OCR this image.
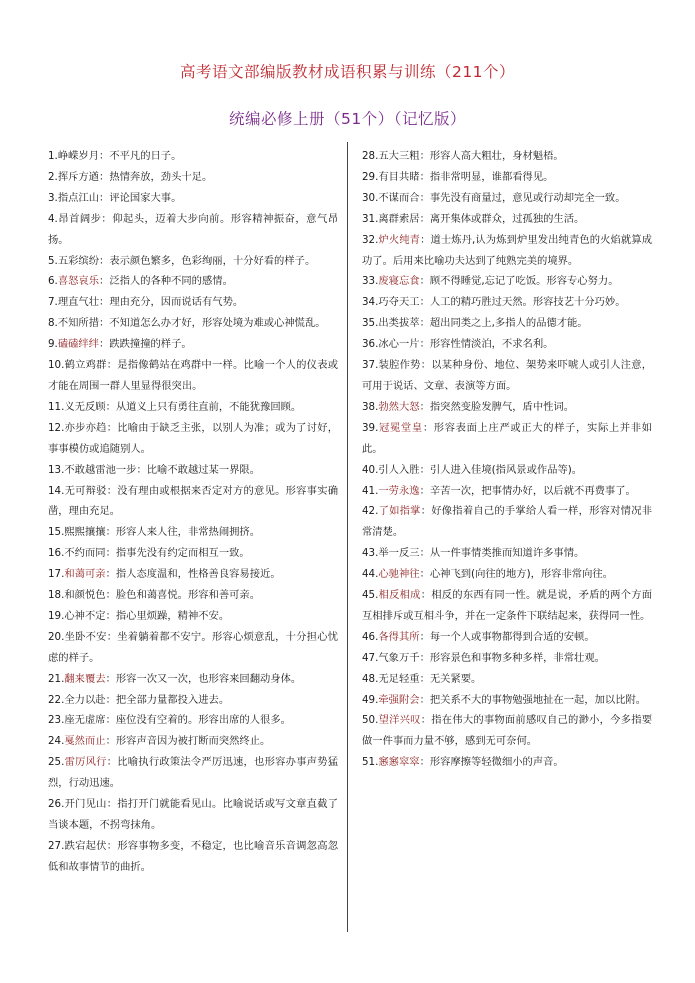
高考语文部编版教材成语积累与训练（211个）
统编必修上册（51个）（记忆版）

1.峥嵘岁月：不平凡的日子。

2.挥斥方遒：热情奔放，劲头十足。

3.指点江山：评论国家大事。

4.昂首阔步：仰起头，迈着大步向前。形容精神振奋，意气昂扬。

5.五彩缤纷：表示颜色繁多，色彩绚丽，十分好看的样子。

6.喜怒哀乐：泛指人的各种不同的感情。

7.理直气壮：理由充分，因而说话有气势。

8.不知所措：不知道怎么办才好，形容处境为难或心神慌乱。

9.磕磕绊绊：跌跌撞撞的样子。

10.鹤立鸡群：是指像鹤站在鸡群中一样。比喻一个人的仪表或才能在周围一群人里显得很突出。

11.义无反顾：从道义上只有勇往直前，不能犹豫回顾。

12.亦步亦趋：比喻由于缺乏主张，以别人为准；或为了讨好，事事模仿或追随别人。

13.不敢越雷池一步：比喻不敢越过某一界限。

14.无可辩驳：没有理由或根据来否定对方的意见。形容事实确凿，理由充足。

15.熙熙攘攘：形容人来人往，非常热闹拥挤。

16.不约而同：指事先没有约定而相互一致。

17.和蔼可亲：指人态度温和，性格善良容易接近。

18.和颜悦色：脸色和蔼喜悦。形容和善可亲。

19.心神不定：指心里烦躁，精神不安。

20.坐卧不安：坐着躺着都不安宁。形容心烦意乱，十分担心忧虑的样子。

21.翻来覆去：形容一次又一次，也形容来回翻动身体。

22.全力以赴：把全部力量都投入进去。

23.座无虚席：座位没有空着的。形容出席的人很多。

24.戛然而止：形容声音因为被打断而突然终止。

25.雷厉风行：比喻执行政策法令严厉迅速，也形容办事声势猛烈，行动迅速。

26.开门见山：指打开门就能看见山。比喻说话或写文章直截了当谈本题，不拐弯抹角。

27.跌宕起伏：形容事物多变，不稳定，也比喻音乐音调忽高忽低和故事情节的曲折。

28.五大三粗：形容人高大粗壮，身材魁梧。

29.有目共睹：指非常明显，谁都看得见。

30.不谋而合：事先没有商量过，意见或行动却完全一致。

31.离群索居：离开集体或群众，过孤独的生活。

32.炉火纯青：道士炼丹,认为炼到炉里发出纯青色的火焰就算成功了。后用来比喻功夫达到了纯熟完美的境界。

33.废寝忘食：顾不得睡觉,忘记了吃饭。形容专心努力。

34.巧夺天工：人工的精巧胜过天然。形容技艺十分巧妙。

35.出类拔萃：超出同类之上,多指人的品德才能。

36.冰心一片：形容性情淡泊，不求名利。

37.装腔作势：以某种身份、地位、架势来吓唬人或引人注意，可用于说话、文章、表演等方面。

38.勃然大怒：指突然变脸发脾气，盾中性词。

39.冠冕堂皇：形容表面上庄严或正大的样子，实际上并非如此。

40.引人入胜：引人进入佳境(指风景或作品等)。

41.一劳永逸：辛苦一次，把事情办好，以后就不再费事了。

42.了如指掌：好像指着自己的手掌给人看一样，形容对情况非常清楚。

43.举一反三：从一件事情类推而知道许多事情。

44.心驰神往：心神飞到(向往的地方)，形容非常向往。

45.相反相成：相反的东西有同一性。就是说，矛盾的两个方面互相排斥或互相斗争，并在一定条件下联结起来，获得同一性。

46.各得其所：每一个人或事物都得到合适的安顿。

47.气象万千：形容景色和事物多种多样，非常壮观。

48.无足轻重：无关紧要。

49.牵强附会：把关系不大的事物勉强地扯在一起，加以比附。

50.望洋兴叹：指在伟大的事物面前感叹自己的渺小，今多指要做一件事而力量不够，感到无可奈何。

51.窸窸窣窣：形容摩擦等轻微细小的声音。
